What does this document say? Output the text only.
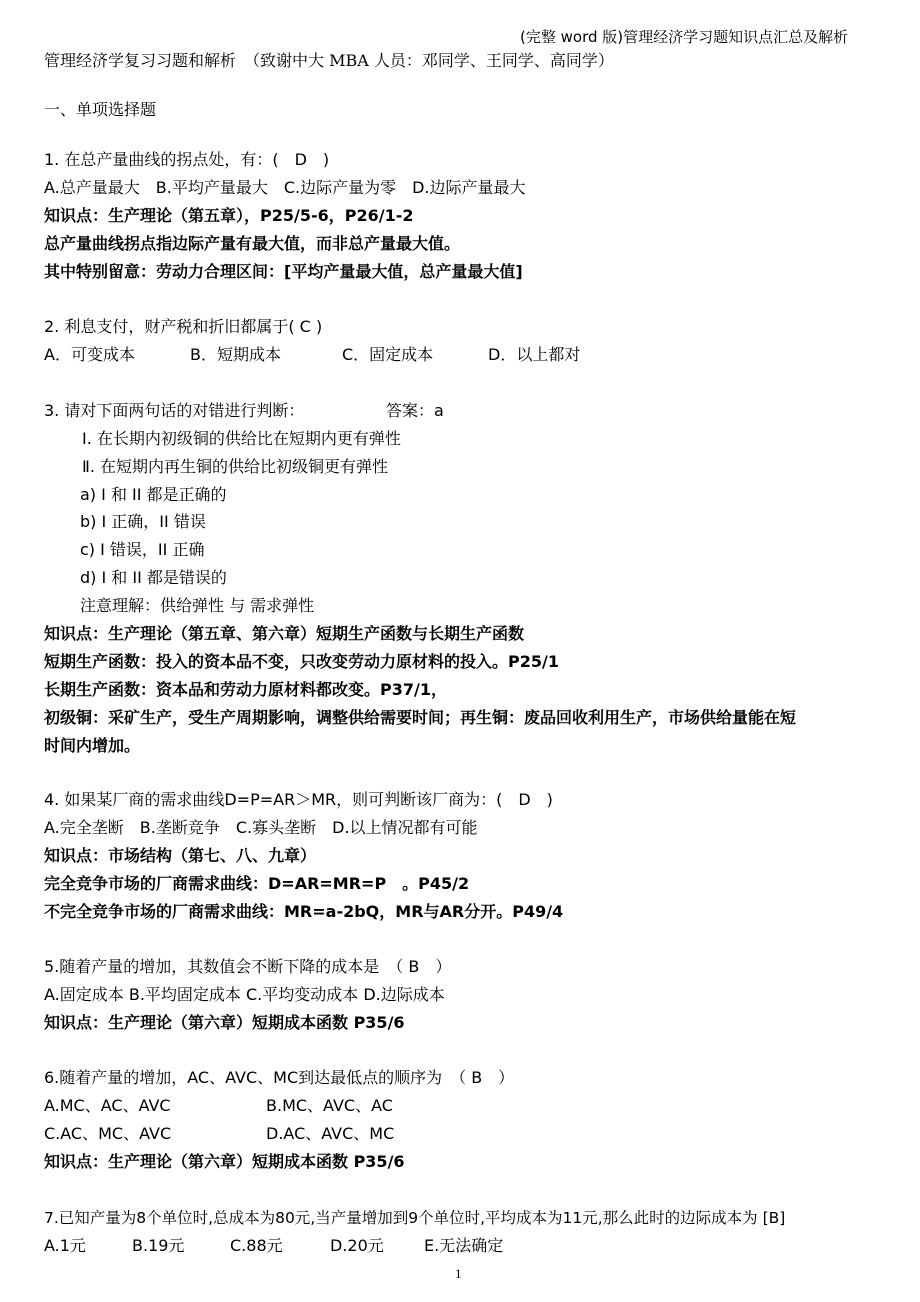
(完整 word 版)管理经济学习题知识点汇总及解析
管理经济学复习习题和解析　（致谢中大 MBA 人员：邓同学、王同学、高同学）
一、单项选择题
1. 在总产量曲线的拐点处，有：(　D　)
A.总产量最大　B.平均产量最大　C.边际产量为零　D.边际产量最大
知识点：生产理论（第五章），P25/5-6，P26/1-2
总产量曲线拐点指边际产量有最大值，而非总产量最大值。
其中特别留意：劳动力合理区间：[平均产量最大值，总产量最大值]
2. 利息支付，财产税和折旧都属于( C )
A．可变成本	B．短期成本	C．固定成本	D．以上都对
3. 请对下面两句话的对错进行判断：	答案：a
Ⅰ. 在长期内初级铜的供给比在短期内更有弹性
Ⅱ. 在短期内再生铜的供给比初级铜更有弹性
a) I 和 II 都是正确的
b) I 正确，II 错误
c) I 错误，II 正确
d) I 和 II 都是错误的
注意理解：供给弹性 与 需求弹性
知识点：生产理论（第五章、第六章）短期生产函数与长期生产函数
短期生产函数：投入的资本品不变，只改变劳动力原材料的投入。P25/1
长期生产函数：资本品和劳动力原材料都改变。P37/1，
初级铜：采矿生产，受生产周期影响，调整供给需要时间；再生铜：废品回收利用生产，市场供给量能在短
时间内增加。
4. 如果某厂商的需求曲线D=P=AR＞MR，则可判断该厂商为：(　D　)
A.完全垄断　B.垄断竞争　C.寡头垄断　D.以上情况都有可能
知识点：市场结构（第七、八、九章）
完全竞争市场的厂商需求曲线：D=AR=MR=P　。P45/2
不完全竞争市场的厂商需求曲线：MR=a-2bQ，MR与AR分开。P49/4
5.随着产量的增加，其数值会不断下降的成本是　（ B　）
A.固定成本 B.平均固定成本 C.平均变动成本 D.边际成本
知识点：生产理论（第六章）短期成本函数 P35/6
6.随着产量的增加，AC、AVC、MC到达最低点的顺序为　（ B　）
A.MC、AC、AVC	B.MC、AVC、AC
C.AC、MC、AVC	D.AC、AVC、MC
知识点：生产理论（第六章）短期成本函数 P35/6
7.已知产量为8个单位时,总成本为80元,当产量增加到9个单位时,平均成本为11元,那么此时的边际成本为 [B]
A.1元	B.19元	C.88元	D.20元	E.无法确定
1
